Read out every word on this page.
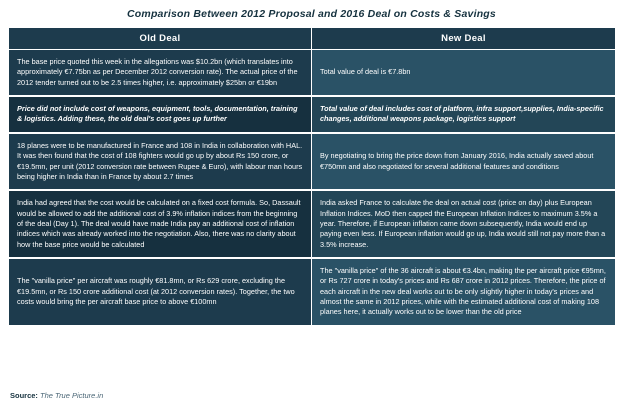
Comparison Between 2012 Proposal and 2016 Deal on Costs & Savings
Old Deal	New Deal
The base price quoted this week in the allegations was $10.2bn (which translates into approximately €7.75bn as per December 2012 conversion rate). The actual price of the 2012 tender turned out to be 2.5 times higher, i.e. approximately $25bn or €19bn	Total value of deal is €7.8bn
Price did not include cost of weapons, equipment, tools, documentation, training & logistics. Adding these, the old deal's cost goes up further	Total value of deal includes cost of platform, infra support,supplies, India-specific changes, additional weapons package, logistics support
18 planes were to be manufactured in France and 108 in India in collaboration with HAL. It was then found that the cost of 108 fighters would go up by about Rs 150 crore, or €19.5mn, per unit (2012 conversion rate between Rupee & Euro), with labour man hours being higher in India than in France by about 2.7 times	By negotiating to bring the price down from January 2016, India actually saved about €750mn and also negotiated for several additional features and conditions
India had agreed that the cost would be calculated on a fixed cost formula. So, Dassault would be allowed to add the additional cost of 3.9% inflation indices from the beginning of the deal (Day 1). The deal would have made India pay an additional cost of inflation indices which was already worked into the negotiation. Also, there was no clarity about how the base price would be calculated	India asked France to calculate the deal on actual cost (price on day) plus European Inflation Indices. MoD then capped the European Inflation Indices to maximum 3.5% a year. Therefore, if European inflation came down subsequently, India would end up paying even less. If European inflation would go up, India would still not pay more than a 3.5% increase.
The "vanilla price" per aircraft was roughly €81.8mn, or Rs 629 crore, excluding the €19.5mn, or Rs 150 crore additional cost (at 2012 conversion rates). Together, the two costs would bring the per aircraft base price to above €100mn	The "vanilla price" of the 36 aircraft is about €3.4bn, making the per aircraft price €95mn, or Rs 727 crore in today's prices and Rs 687 crore in 2012 prices. Therefore, the price of each aircraft in the new deal works out to be only slightly higher in today's prices and almost the same in 2012 prices, while with the estimated additional cost of making 108 planes here, it actually works out to be lower than the old price
Source: The True Picture.in
